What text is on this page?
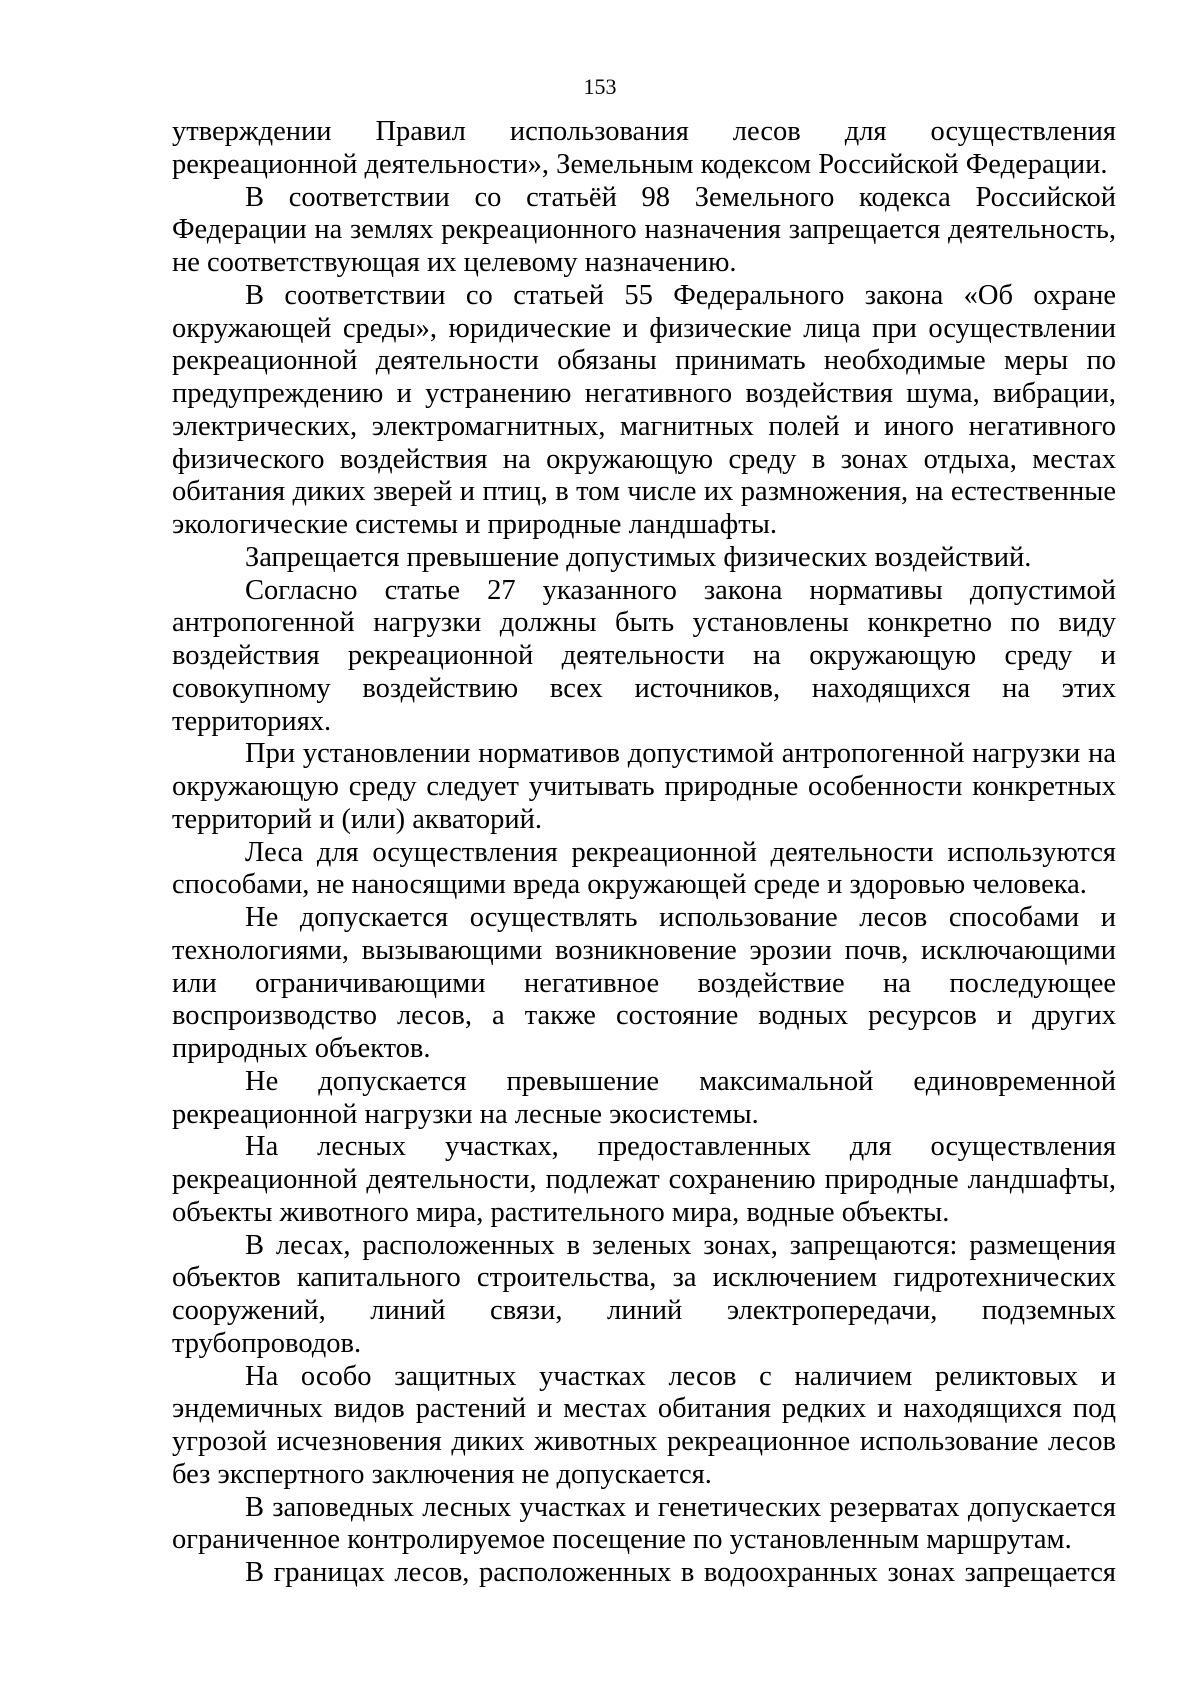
153

утверждении Правил использования лесов для осуществления рекреационной деятельности», Земельным кодексом Российской Федерации.

В соответствии со статьёй 98 Земельного кодекса Российской Федерации на землях рекреационного назначения запрещается деятельность, не соответствующая их целевому назначению.

В соответствии со статьей 55 Федерального закона «Об охране окружающей среды», юридические и физические лица при осуществлении рекреационной деятельности обязаны принимать необходимые меры по предупреждению и устранению негативного воздействия шума, вибрации, электрических, электромагнитных, магнитных полей и иного негативного физического воздействия на окружающую среду в зонах отдыха, местах обитания диких зверей и птиц, в том числе их размножения, на естественные экологические системы и природные ландшафты.

Запрещается превышение допустимых физических воздействий.

Согласно статье 27 указанного закона нормативы допустимой антропогенной нагрузки должны быть установлены конкретно по виду воздействия рекреационной деятельности на окружающую среду и совокупному воздействию всех источников, находящихся на этих территориях.

При установлении нормативов допустимой антропогенной нагрузки на окружающую среду следует учитывать природные особенности конкретных территорий и (или) акваторий.

Леса для осуществления рекреационной деятельности используются способами, не наносящими вреда окружающей среде и здоровью человека.

Не допускается осуществлять использование лесов способами и технологиями, вызывающими возникновение эрозии почв, исключающими или ограничивающими негативное воздействие на последующее воспроизводство лесов, а также состояние водных ресурсов и других природных объектов.

Не допускается превышение максимальной единовременной рекреационной нагрузки на лесные экосистемы.

На лесных участках, предоставленных для осуществления рекреационной деятельности, подлежат сохранению природные ландшафты, объекты животного мира, растительного мира, водные объекты.

В лесах, расположенных в зеленых зонах, запрещаются: размещения объектов капитального строительства, за исключением гидротехнических сооружений, линий связи, линий электропередачи, подземных трубопроводов.

На особо защитных участках лесов с наличием реликтовых и эндемичных видов растений и местах обитания редких и находящихся под угрозой исчезновения диких животных рекреационное использование лесов без экспертного заключения не допускается.

В заповедных лесных участках и генетических резерватах допускается ограниченное контролируемое посещение по установленным маршрутам.

В границах лесов, расположенных в водоохранных зонах запрещается
